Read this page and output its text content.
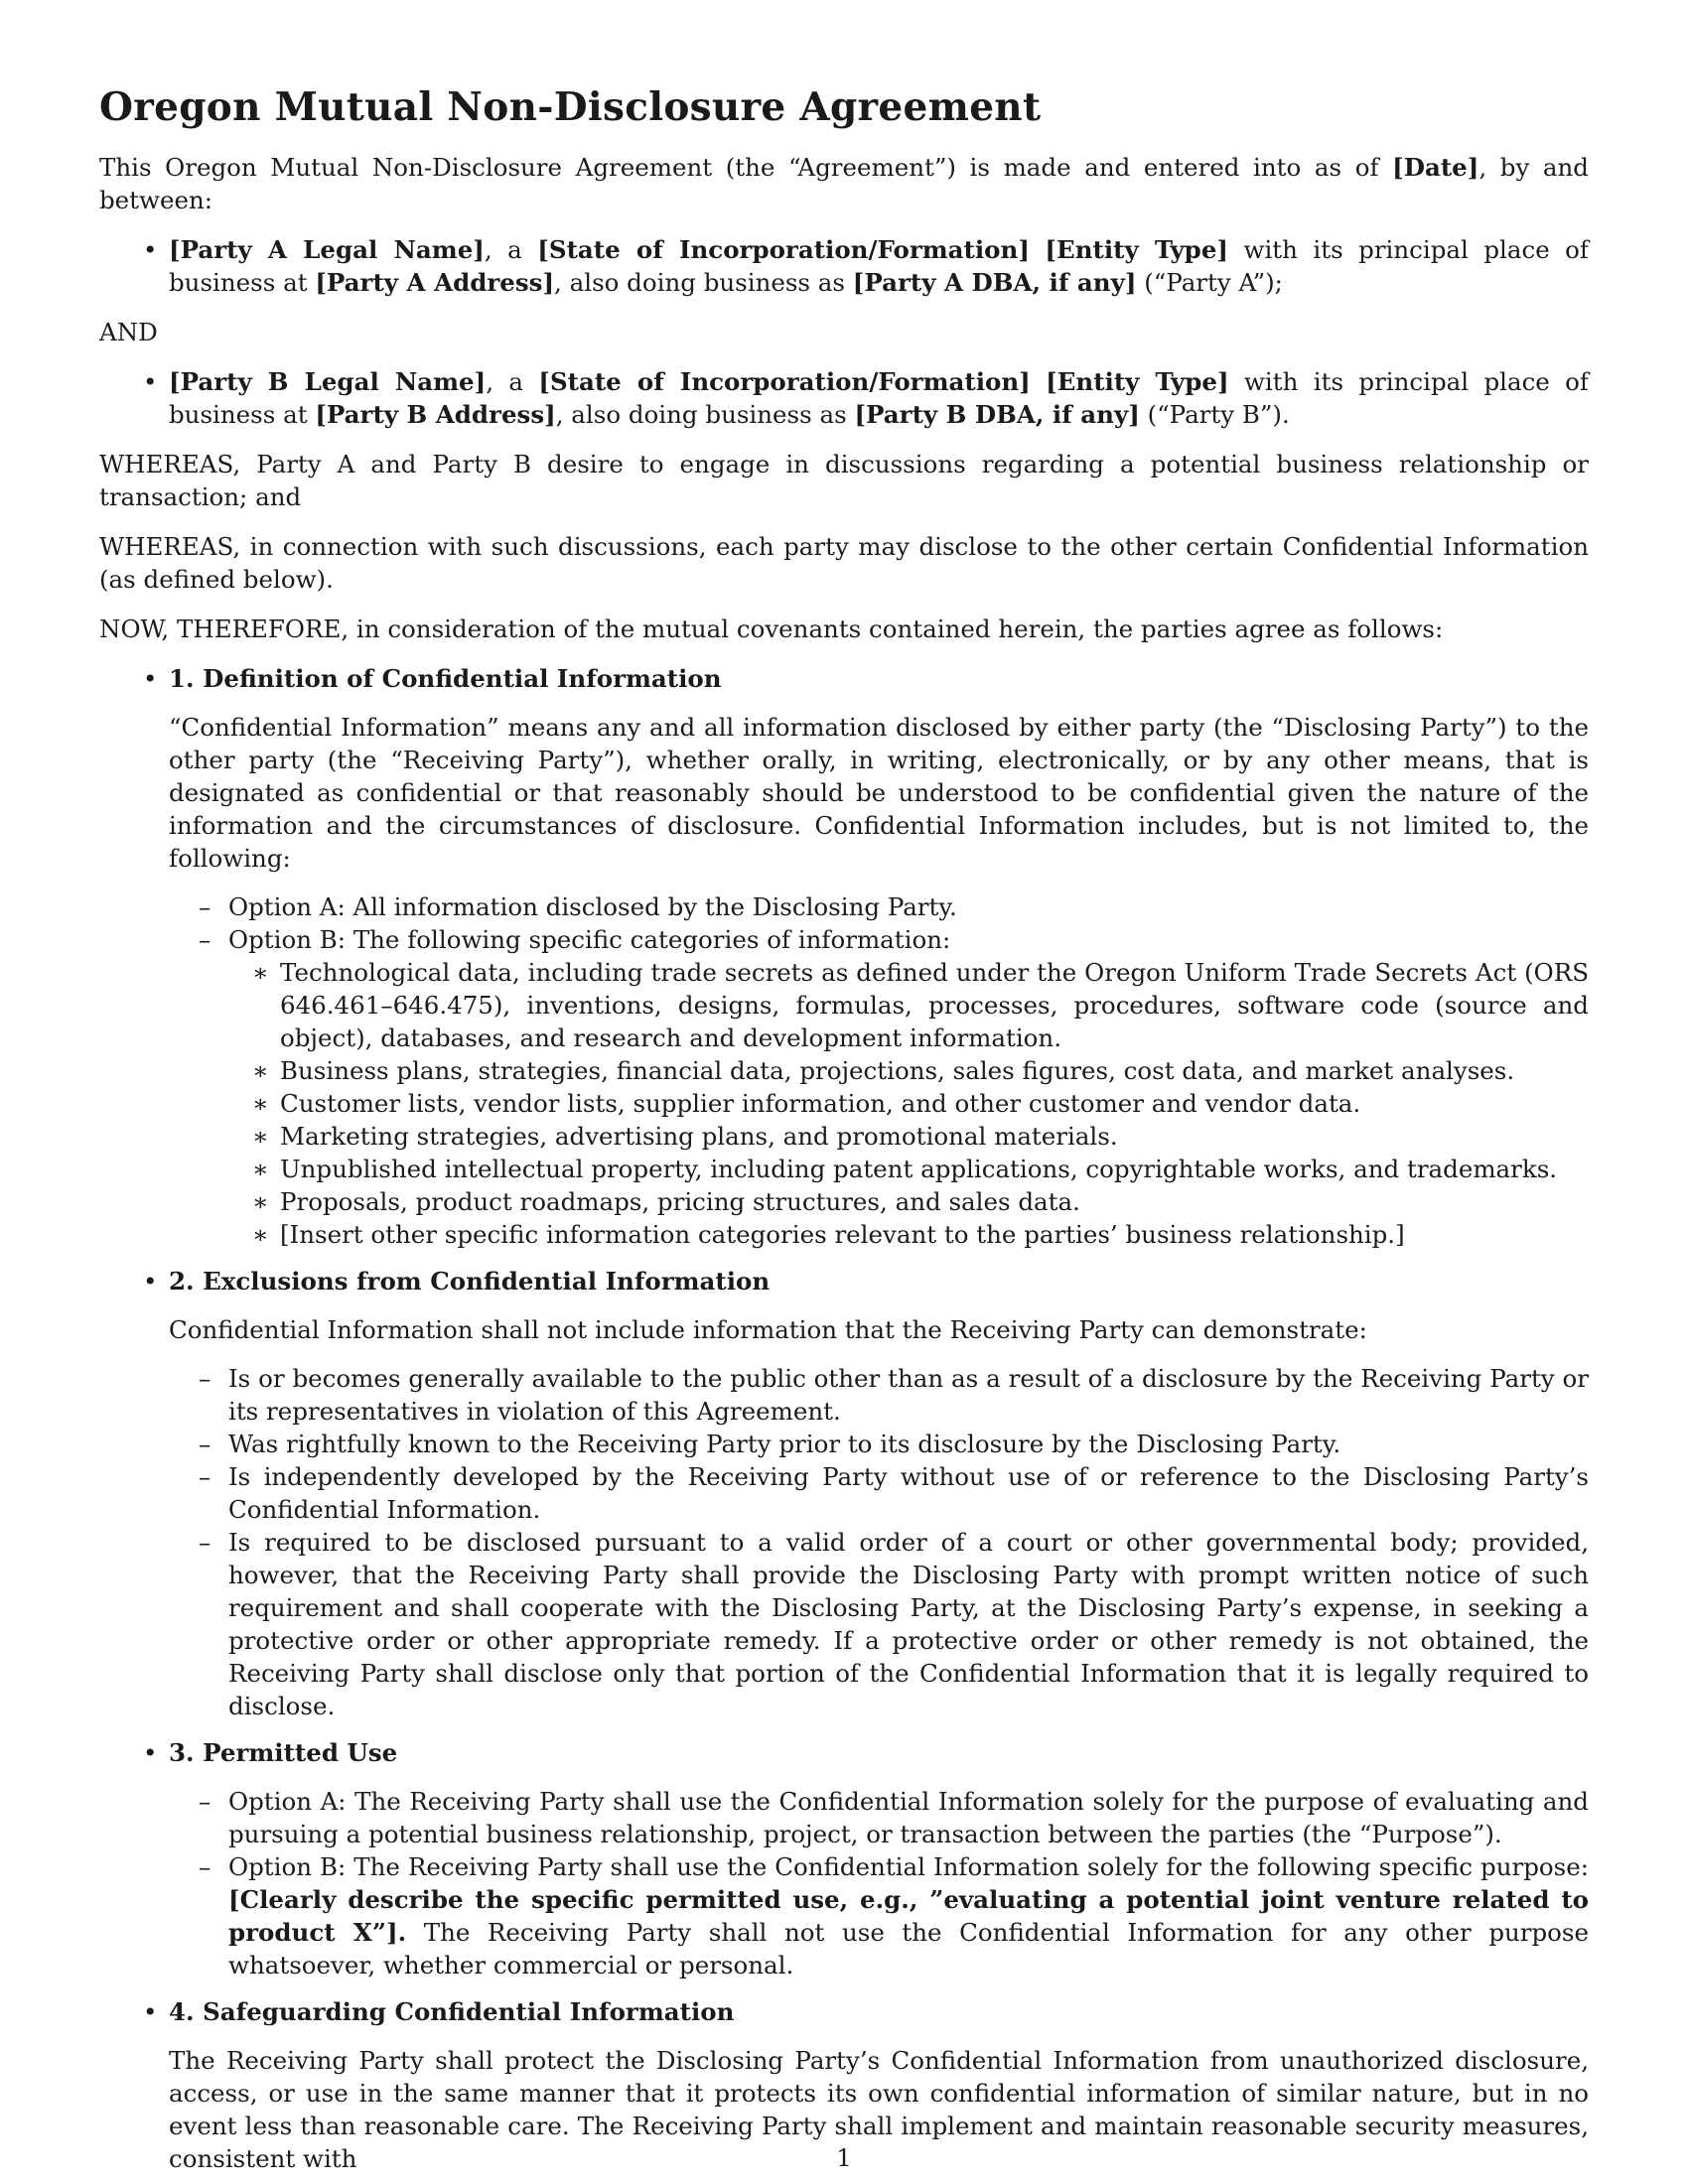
Oregon Mutual Non-Disclosure Agreement

This Oregon Mutual Non-Disclosure Agreement (the “Agreement”) is made and entered into as of [Date], by and between:

• [Party A Legal Name], a [State of Incorporation/Formation] [Entity Type] with its principal place of business at [Party A Address], also doing business as [Party A DBA, if any] (“Party A”);

AND

• [Party B Legal Name], a [State of Incorporation/Formation] [Entity Type] with its principal place of business at [Party B Address], also doing business as [Party B DBA, if any] (“Party B”).

WHEREAS, Party A and Party B desire to engage in discussions regarding a potential business relationship or transaction; and

WHEREAS, in connection with such discussions, each party may disclose to the other certain Confidential Information (as defined below).

NOW, THEREFORE, in consideration of the mutual covenants contained herein, the parties agree as follows:

• 1. Definition of Confidential Information
“Confidential Information” means any and all information disclosed by either party (the “Disclosing Party”) to the other party (the “Receiving Party”), whether orally, in writing, electronically, or by any other means, that is designated as confidential or that reasonably should be understood to be confidential given the nature of the information and the circumstances of disclosure. Confidential Information includes, but is not limited to, the following:
– Option A: All information disclosed by the Disclosing Party.
– Option B: The following specific categories of information:
∗ Technological data, including trade secrets as defined under the Oregon Uniform Trade Secrets Act (ORS 646.461–646.475), inventions, designs, formulas, processes, procedures, software code (source and object), databases, and research and development information.
∗ Business plans, strategies, financial data, projections, sales figures, cost data, and market analyses.
∗ Customer lists, vendor lists, supplier information, and other customer and vendor data.
∗ Marketing strategies, advertising plans, and promotional materials.
∗ Unpublished intellectual property, including patent applications, copyrightable works, and trademarks.
∗ Proposals, product roadmaps, pricing structures, and sales data.
∗ [Insert other specific information categories relevant to the parties’ business relationship.]
• 2. Exclusions from Confidential Information
Confidential Information shall not include information that the Receiving Party can demonstrate:
– Is or becomes generally available to the public other than as a result of a disclosure by the Receiving Party or its representatives in violation of this Agreement.
– Was rightfully known to the Receiving Party prior to its disclosure by the Disclosing Party.
– Is independently developed by the Receiving Party without use of or reference to the Disclosing Party’s Confidential Information.
– Is required to be disclosed pursuant to a valid order of a court or other governmental body; provided, however, that the Receiving Party shall provide the Disclosing Party with prompt written notice of such requirement and shall cooperate with the Disclosing Party, at the Disclosing Party’s expense, in seeking a protective order or other appropriate remedy. If a protective order or other remedy is not obtained, the Receiving Party shall disclose only that portion of the Confidential Information that it is legally required to disclose.
• 3. Permitted Use
– Option A: The Receiving Party shall use the Confidential Information solely for the purpose of evaluating and pursuing a potential business relationship, project, or transaction between the parties (the “Purpose”).
– Option B: The Receiving Party shall use the Confidential Information solely for the following specific purpose: [Clearly describe the specific permitted use, e.g., ”evaluating a potential joint venture related to product X”]. The Receiving Party shall not use the Confidential Information for any other purpose whatsoever, whether commercial or personal.
• 4. Safeguarding Confidential Information
The Receiving Party shall protect the Disclosing Party’s Confidential Information from unauthorized disclosure, access, or use in the same manner that it protects its own confidential information of similar nature, but in no event less than reasonable care. The Receiving Party shall implement and maintain reasonable security measures, consistent with	1
